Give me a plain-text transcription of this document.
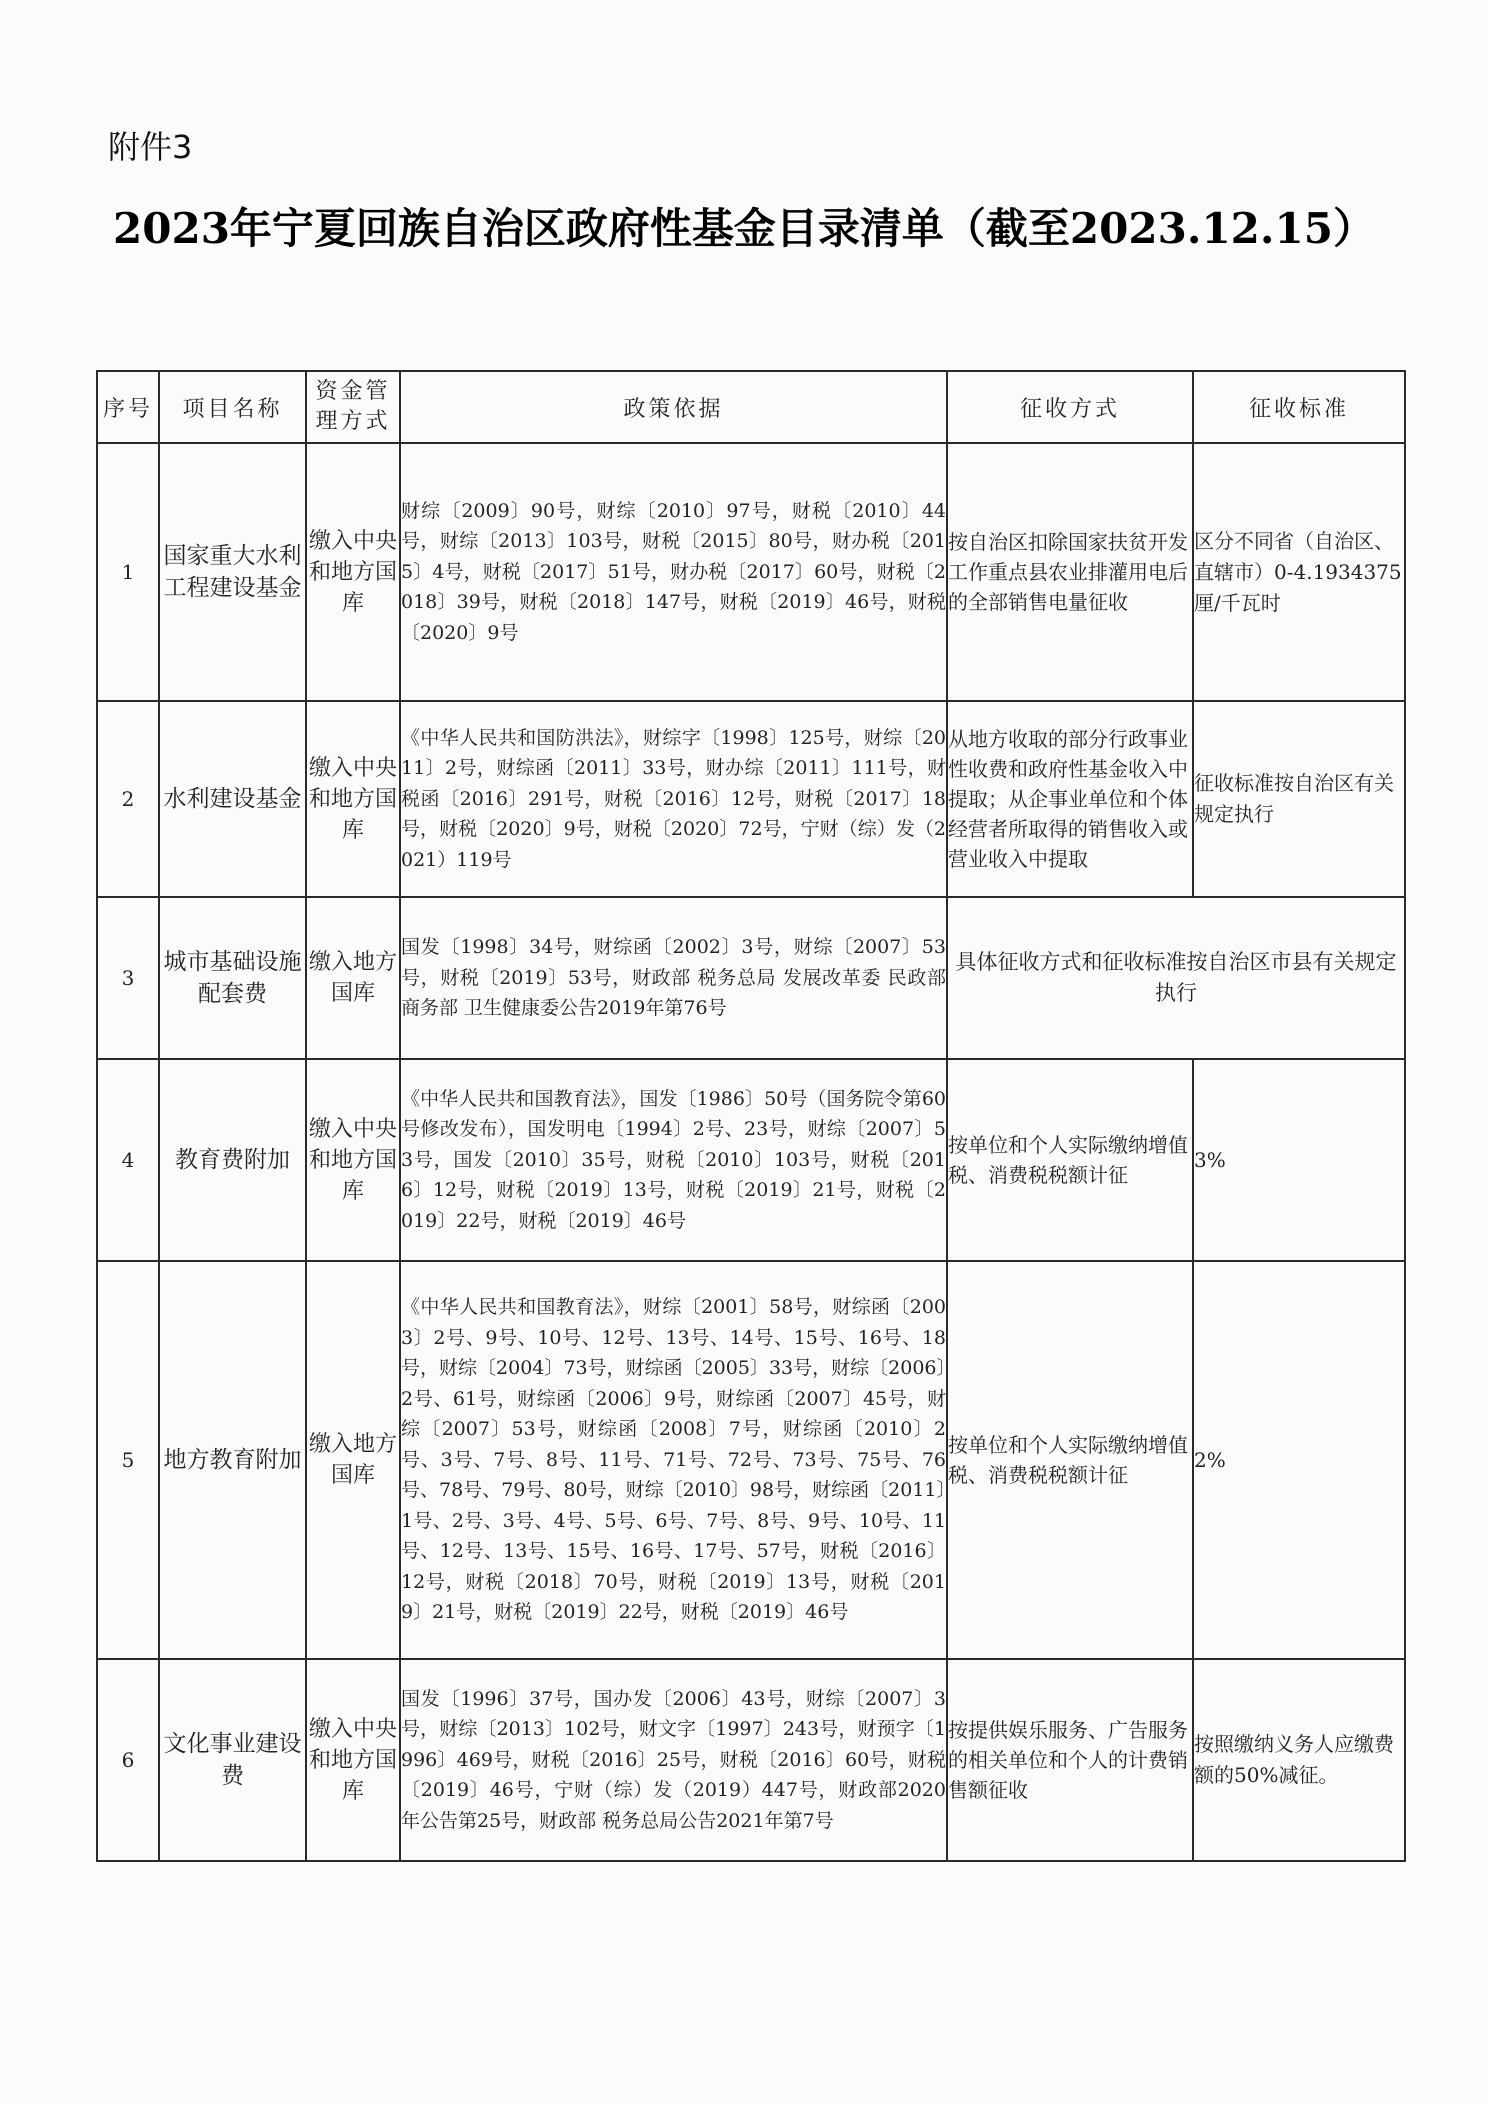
附件3
2023年宁夏回族自治区政府性基金目录清单（截至2023.12.15）
序号	项目名称	资金管理方式	政策依据	征收方式	征收标准
1	国家重大水利工程建设基金	缴入中央和地方国库	财综〔2009〕90号，财综〔2010〕97号，财税〔2010〕44号，财综〔2013〕103号，财税〔2015〕80号，财办税〔2015〕4号，财税〔2017〕51号，财办税〔2017〕60号，财税〔2018〕39号，财税〔2018〕147号，财税〔2019〕46号，财税〔2020〕9号	按自治区扣除国家扶贫开发工作重点县农业排灌用电后的全部销售电量征收	区分不同省（自治区、直辖市）0-4.1934375厘/千瓦时
2	水利建设基金	缴入中央和地方国库	《中华人民共和国防洪法》，财综字〔1998〕125号，财综〔2011〕2号，财综函〔2011〕33号，财办综〔2011〕111号，财税函〔2016〕291号，财税〔2016〕12号，财税〔2017〕18号，财税〔2020〕9号，财税〔2020〕72号，宁财（综）发（2021）119号	从地方收取的部分行政事业性收费和政府性基金收入中提取；从企事业单位和个体经营者所取得的销售收入或营业收入中提取	征收标准按自治区有关规定执行
3	城市基础设施配套费	缴入地方国库	国发〔1998〕34号，财综函〔2002〕3号，财综〔2007〕53号，财税〔2019〕53号，财政部 税务总局 发展改革委 民政部 商务部 卫生健康委公告2019年第76号	具体征收方式和征收标准按自治区市县有关规定执行	
4	教育费附加	缴入中央和地方国库	《中华人民共和国教育法》，国发〔1986〕50号（国务院令第60号修改发布），国发明电〔1994〕2号、23号，财综〔2007〕53号，国发〔2010〕35号，财税〔2010〕103号，财税〔2016〕12号，财税〔2019〕13号，财税〔2019〕21号，财税〔2019〕22号，财税〔2019〕46号	按单位和个人实际缴纳增值税、消费税税额计征	3%
5	地方教育附加	缴入地方国库	《中华人民共和国教育法》，财综〔2001〕58号，财综函〔2003〕2号、9号、10号、12号、13号、14号、15号、16号、18号，财综〔2004〕73号，财综函〔2005〕33号，财综〔2006〕2号、61号，财综函〔2006〕9号，财综函〔2007〕45号，财综〔2007〕53号，财综函〔2008〕7号，财综函〔2010〕2号、3号、7号、8号、11号、71号、72号、73号、75号、76号、78号、79号、80号，财综〔2010〕98号，财综函〔2011〕1号、2号、3号、4号、5号、6号、7号、8号、9号、10号、11号、12号、13号、15号、16号、17号、57号，财税〔2016〕12号，财税〔2018〕70号，财税〔2019〕13号，财税〔2019〕21号，财税〔2019〕22号，财税〔2019〕46号	按单位和个人实际缴纳增值税、消费税税额计征	2%
6	文化事业建设费	缴入中央和地方国库	国发〔1996〕37号，国办发〔2006〕43号，财综〔2007〕3号，财综〔2013〕102号，财文字〔1997〕243号，财预字〔1996〕469号，财税〔2016〕25号，财税〔2016〕60号，财税〔2019〕46号，宁财（综）发（2019）447号，财政部2020年公告第25号，财政部 税务总局公告2021年第7号	按提供娱乐服务、广告服务的相关单位和个人的计费销售额征收	按照缴纳义务人应缴费额的50%减征。
